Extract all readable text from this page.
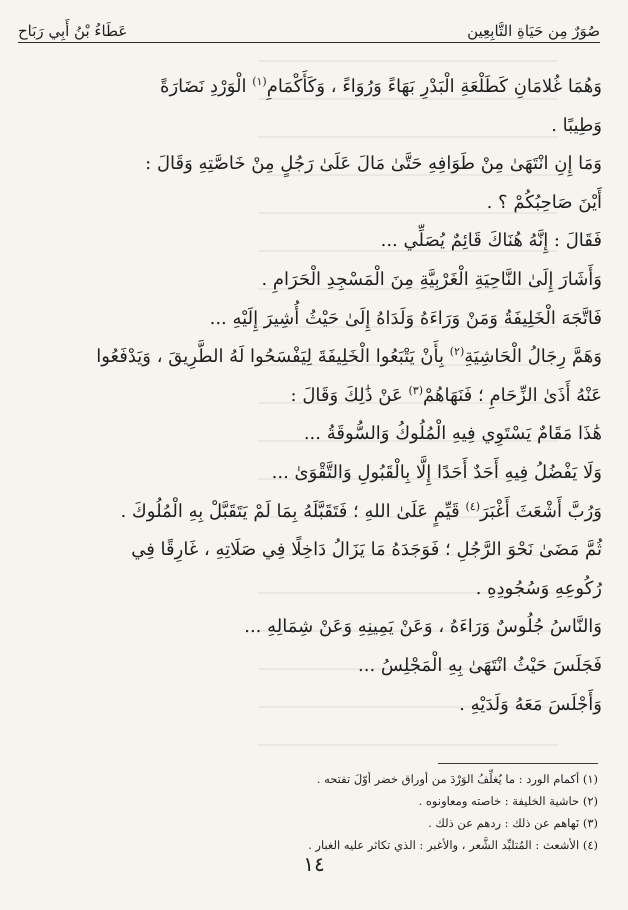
صُوَرٌ مِن حَيَاةِ التَّابِعِين
عَطَاءُ بْنُ أَبِي رَبَاح

وَهُمَا غُلامَانِ كَطَلْعَةِ الْبَدْرِ بَهَاءً وَرُوَاءً ، وَكَأَكْمَامِ$^{(١)}$ الْوَرْدِ نَضَارَةً

وَطِيبًا .

وَمَا إِنِ انْتَهَىٰ مِنْ طَوَافِهِ حَتَّىٰ مَالَ عَلَىٰ رَجُلٍ مِنْ خَاصَّتِهِ وَقَالَ :

أَيْنَ صَاحِبُكُمْ ؟ .

فَقَالَ : إِنَّهُ هُنَاكَ قَائِمٌ يُصَلِّي ...

وَأَشَارَ إِلَىٰ النَّاحِيَةِ الْغَرْبِيَّةِ مِنَ الْمَسْجِدِ الْحَرَامِ .

فَاتَّجَهَ الْخَلِيفَةُ وَمَنْ وَرَاءَهُ وَلَدَاهُ إِلَىٰ حَيْثُ أُشِيرَ إِلَيْهِ ...

وَهَمَّ رِجَالُ الْحَاشِيَةِ$^{(٢)}$ بِأَنْ يَتْبَعُوا الْخَلِيفَةَ لِيَفْسَحُوا لَهُ الطَّرِيقَ ، وَيَدْفَعُوا

عَنْهُ أَذَىٰ الزِّحَامِ ؛ فَنَهَاهُمْ$^{(٣)}$ عَنْ ذَٰلِكَ وَقَالَ :

هَٰذَا مَقَامٌ يَسْتَوِي فِيهِ الْمُلُوكُ وَالسُّوقَةُ ...

وَلَا يَفْضُلُ فِيهِ أَحَدٌ أَحَدًا إِلَّا بِالْقَبُولِ وَالتَّقْوَىٰ ...

وَرُبَّ أَشْعَثَ أَغْبَرَ$^{(٤)}$ قَيِّمٍ عَلَىٰ اللهِ ؛ فَتَقَبَّلَهُ بِمَا لَمْ يَتَقَبَّلْ بِهِ الْمُلُوكَ .

ثُمَّ مَضَىٰ نَحْوَ الرَّجُلِ ؛ فَوَجَدَهُ مَا يَزَالُ دَاخِلًا فِي صَلَاتِهِ ، غَارِقًا فِي

رُكُوعِهِ وَسُجُودِهِ .

وَالنَّاسُ جُلُوسٌ وَرَاءَهُ ، وَعَنْ يَمِينِهِ وَعَنْ شِمَالِهِ ...

فَجَلَسَ حَيْثُ انْتَهَىٰ بِهِ الْمَجْلِسُ ...

وَأَجْلَسَ مَعَهُ وَلَدَيْهِ .

(١) أكمام الورد : ما يُغلِّفُ الوَرْدَ من أوراق خضر أوّلَ تفتحه .

(٢) حاشية الخليفة : خاصته ومعاونوه .

(٣) نَهاهم عن ذلك : ردهم عن ذلك .

(٤) الأشعث : المُتلبِّد الشَّعر ، والأغبر : الذي تكاثر عليه الغبار .

١٤
